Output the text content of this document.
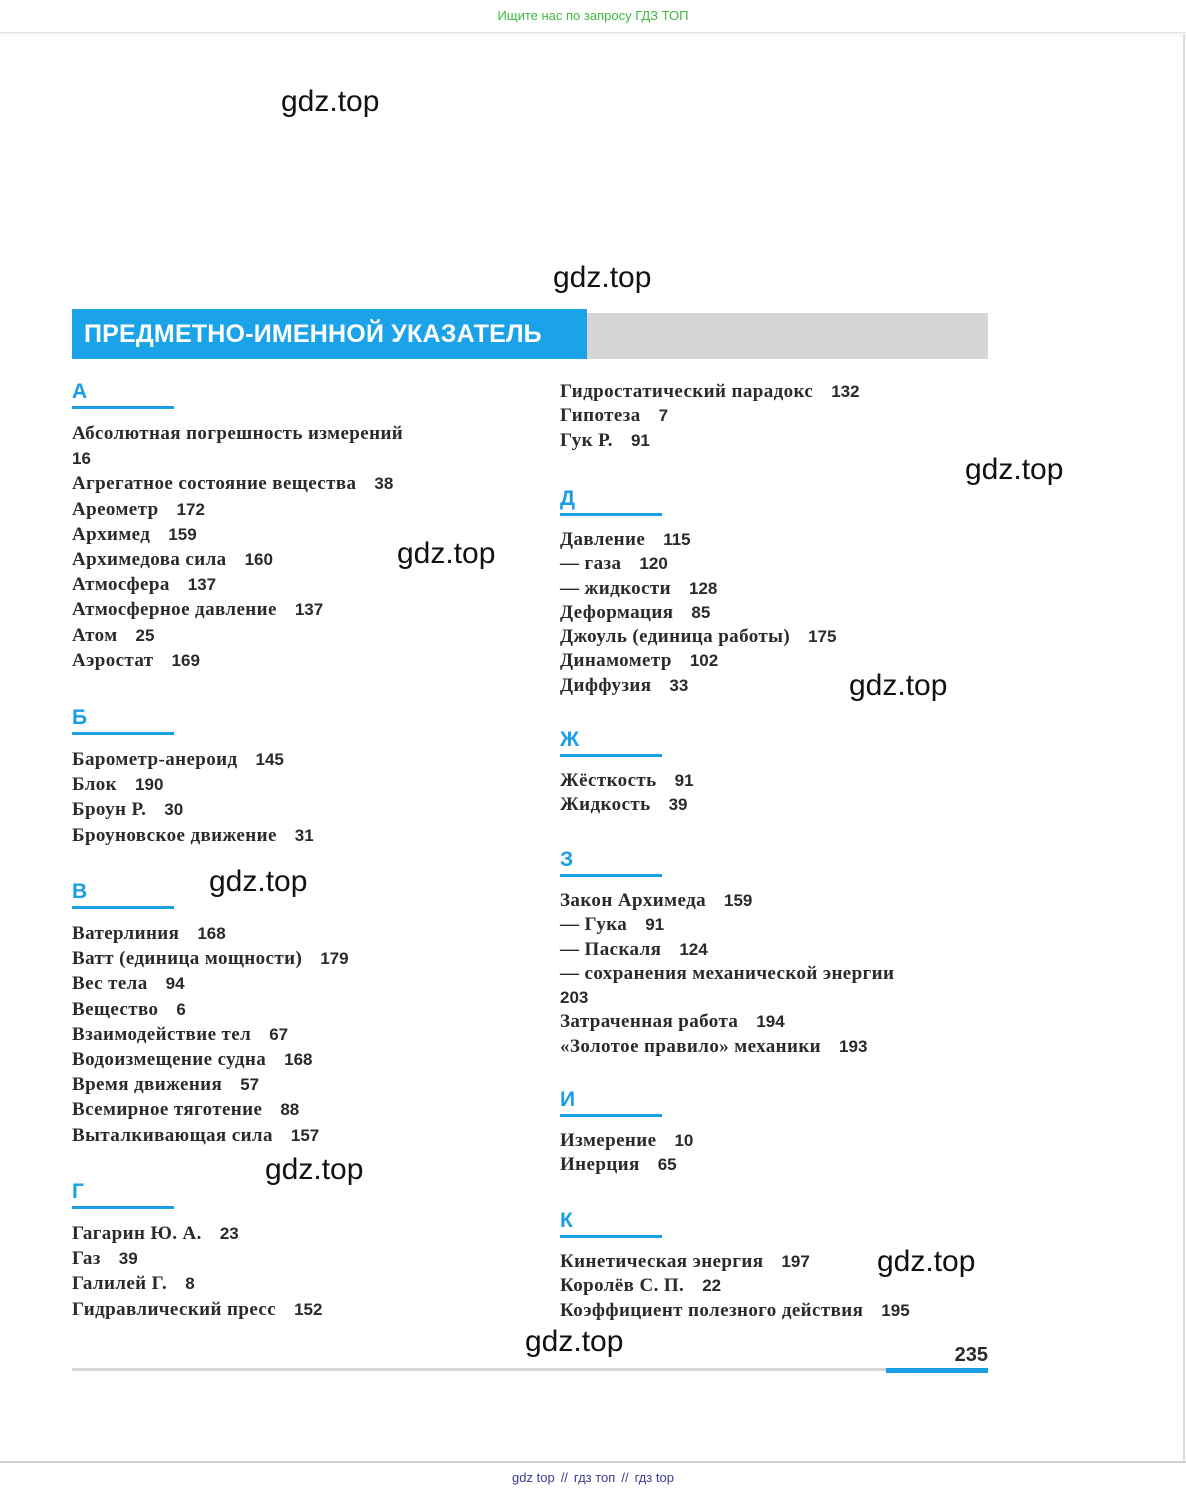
Ищите нас по запросу ГДЗ ТОП
ПРЕДМЕТНО-ИМЕННОЙ УКАЗАТЕЛЬ
А
Абсолютная погрешность измерений
16
Агрегатное состояние вещества 38
Ареометр 172
Архимед 159
Архимедова сила 160
Атмосфера 137
Атмосферное давление 137
Атом 25
Аэростат 169
Б
Барометр-анероид 145
Блок 190
Броун Р. 30
Броуновское движение 31
В
Ватерлиния 168
Ватт (единица мощности) 179
Вес тела 94
Вещество 6
Взаимодействие тел 67
Водоизмещение судна 168
Время движения 57
Всемирное тяготение 88
Выталкивающая сила 157
Г
Гагарин Ю. А. 23
Газ 39
Галилей Г. 8
Гидравлический пресс 152
Гидростатический парадокс 132
Гипотеза 7
Гук Р. 91
Д
Давление 115
— газа 120
— жидкости 128
Деформация 85
Джоуль (единица работы) 175
Динамометр 102
Диффузия 33
Ж
Жёсткость 91
Жидкость 39
З
Закон Архимеда 159
— Гука 91
— Паскаля 124
— сохранения механической энергии
203
Затраченная работа 194
«Золотое правило» механики 193
И
Измерение 10
Инерция 65
К
Кинетическая энергия 197
Королёв С. П. 22
Коэффициент полезного действия 195
235
gdz.top
gdz.top
gdz.top
gdz.top
gdz.top
gdz.top
gdz.top
gdz.top
gdz.top
gdz top // гдз топ // гдз top
